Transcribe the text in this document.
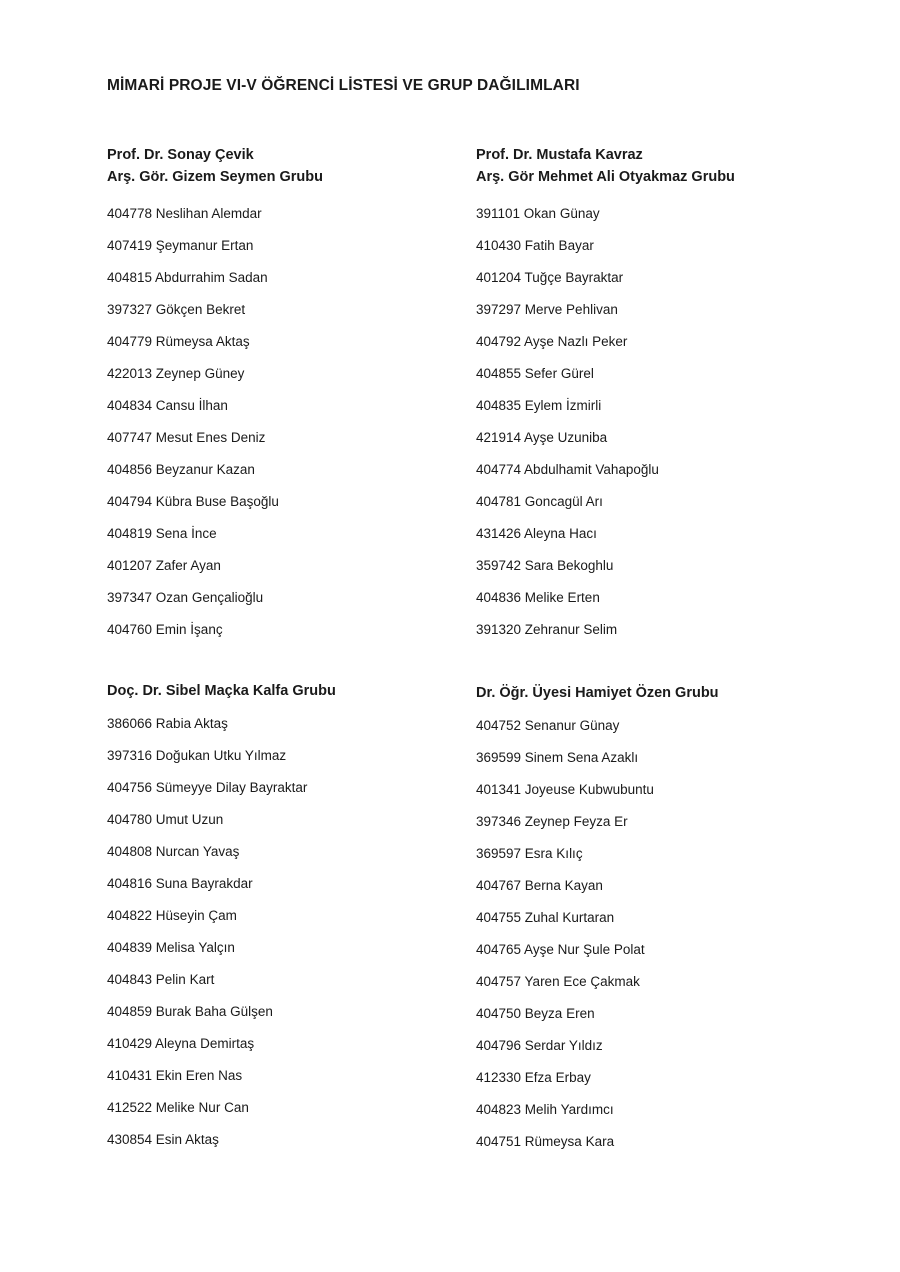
MİMARİ PROJE VI-V ÖĞRENCİ LİSTESİ VE GRUP DAĞILIMLARI
Prof. Dr. Sonay Çevik
Arş. Gör. Gizem Seymen Grubu
404778 Neslihan Alemdar
407419 Şeymanur Ertan
404815 Abdurrahim Sadan
397327 Gökçen Bekret
404779 Rümeysa Aktaş
422013 Zeynep Güney
404834 Cansu İlhan
407747 Mesut Enes Deniz
404856 Beyzanur Kazan
404794 Kübra Buse Başoğlu
404819 Sena İnce
401207 Zafer Ayan
397347 Ozan Gençalioğlu
404760 Emin İşanç
Prof. Dr. Mustafa Kavraz
Arş. Gör Mehmet Ali Otyakmaz Grubu
391101 Okan Günay
410430 Fatih Bayar
401204 Tuğçe Bayraktar
397297 Merve Pehlivan
404792 Ayşe Nazlı Peker
404855 Sefer Gürel
404835 Eylem İzmirli
421914 Ayşe Uzuniba
404774 Abdulhamit Vahapoğlu
404781 Goncagül Arı
431426 Aleyna Hacı
359742 Sara Bekoghlu
404836 Melike Erten
391320 Zehranur Selim
Doç. Dr. Sibel Maçka Kalfa Grubu
386066 Rabia Aktaş
397316 Doğukan Utku Yılmaz
404756 Sümeyye Dilay Bayraktar
404780 Umut Uzun
404808 Nurcan Yavaş
404816 Suna Bayrakdar
404822 Hüseyin Çam
404839 Melisa Yalçın
404843 Pelin Kart
404859 Burak Baha Gülşen
410429 Aleyna Demirtaş
410431 Ekin Eren Nas
412522 Melike Nur Can
430854 Esin Aktaş
Dr. Öğr. Üyesi Hamiyet Özen Grubu
404752 Senanur Günay
369599 Sinem Sena Azaklı
401341 Joyeuse Kubwubuntu
397346 Zeynep Feyza Er
369597 Esra Kılıç
404767 Berna Kayan
404755 Zuhal Kurtaran
404765 Ayşe Nur Şule Polat
404757 Yaren Ece Çakmak
404750 Beyza Eren
404796 Serdar Yıldız
412330 Efza Erbay
404823 Melih Yardımcı
404751 Rümeysa Kara
